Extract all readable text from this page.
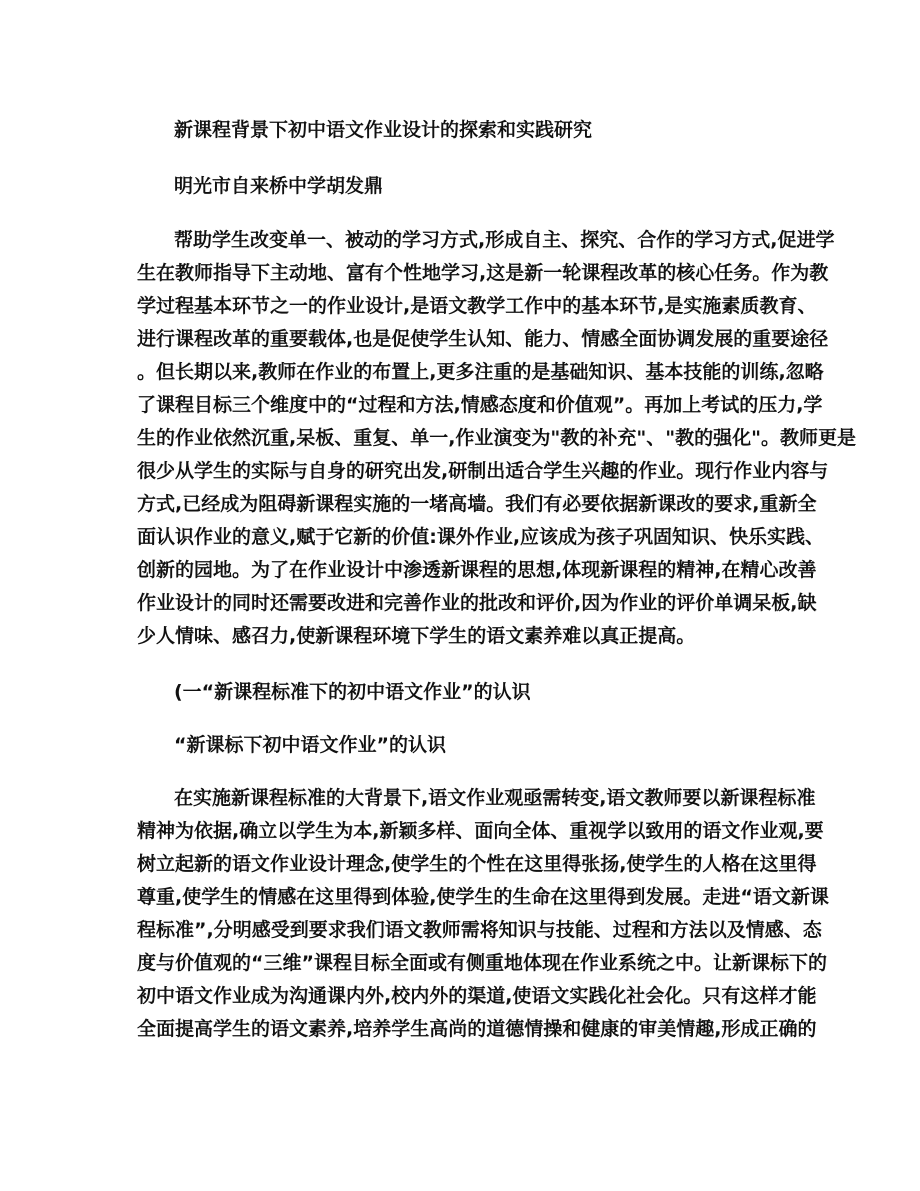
新课程背景下初中语文作业设计的探索和实践研究
明光市自来桥中学胡发鼎
帮助学生改变单一、被动的学习方式,形成自主、探究、合作的学习方式,促进学
生在教师指导下主动地、富有个性地学习,这是新一轮课程改革的核心任务。作为教
学过程基本环节之一的作业设计,是语文教学工作中的基本环节,是实施素质教育、
进行课程改革的重要载体,也是促使学生认知、能力、情感全面协调发展的重要途径
。但长期以来,教师在作业的布置上,更多注重的是基础知识、基本技能的训练,忽略
了课程目标三个维度中的“过程和方法,情感态度和价值观”。再加上考试的压力,学
生的作业依然沉重,呆板、重复、单一,作业演变为"教的补充"、"教的强化"。教师更是
很少从学生的实际与自身的研究出发,研制出适合学生兴趣的作业。现行作业内容与
方式,已经成为阻碍新课程实施的一堵高墙。我们有必要依据新课改的要求,重新全
面认识作业的意义,赋于它新的价值:课外作业,应该成为孩子巩固知识、快乐实践、
创新的园地。为了在作业设计中渗透新课程的思想,体现新课程的精神,在精心改善
作业设计的同时还需要改进和完善作业的批改和评价,因为作业的评价单调呆板,缺
少人情味、感召力,使新课程环境下学生的语文素养难以真正提高。
(一“新课程标准下的初中语文作业”的认识
“新课标下初中语文作业”的认识
在实施新课程标准的大背景下,语文作业观亟需转变,语文教师要以新课程标准
精神为依据,确立以学生为本,新颖多样、面向全体、重视学以致用的语文作业观,要
树立起新的语文作业设计理念,使学生的个性在这里得张扬,使学生的人格在这里得
尊重,使学生的情感在这里得到体验,使学生的生命在这里得到发展。走进“语文新课
程标准”,分明感受到要求我们语文教师需将知识与技能、过程和方法以及情感、态
度与价值观的“三维”课程目标全面或有侧重地体现在作业系统之中。让新课标下的
初中语文作业成为沟通课内外,校内外的渠道,使语文实践化社会化。只有这样才能
全面提高学生的语文素养,培养学生高尚的道德情操和健康的审美情趣,形成正确的
